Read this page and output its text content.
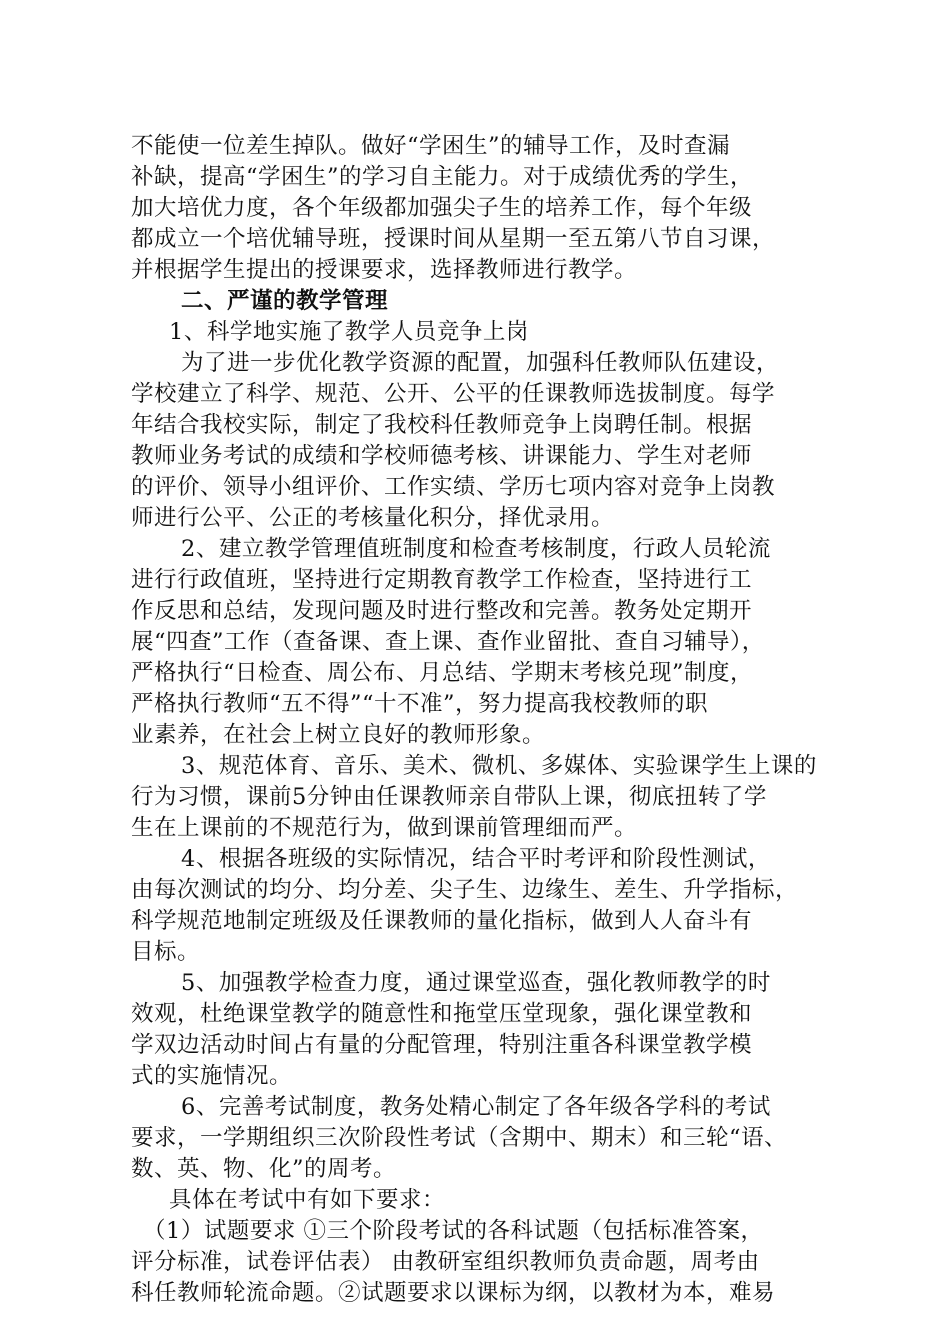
不能使一位差生掉队。做好“学困生”的辅导工作，及时查漏
补缺，提高“学困生”的学习自主能力。对于成绩优秀的学生，
加大培优力度，各个年级都加强尖子生的培养工作，每个年级
都成立一个培优辅导班，授课时间从星期一至五第八节自习课，
并根据学生提出的授课要求，选择教师进行教学。
二、严谨的教学管理
1、科学地实施了教学人员竞争上岗
为了进一步优化教学资源的配置，加强科任教师队伍建设，
学校建立了科学、规范、公开、公平的任课教师选拔制度。每学
年结合我校实际，制定了我校科任教师竞争上岗聘任制。根据
教师业务考试的成绩和学校师德考核、讲课能力、学生对老师
的评价、领导小组评价、工作实绩、学历七项内容对竞争上岗教
师进行公平、公正的考核量化积分，择优录用。
2、建立教学管理值班制度和检查考核制度，行政人员轮流
进行行政值班，坚持进行定期教育教学工作检查，坚持进行工
作反思和总结，发现问题及时进行整改和完善。教务处定期开
展“四查”工作（查备课、查上课、查作业留批、查自习辅导），
严格执行“日检查、周公布、月总结、学期末考核兑现”制度，
严格执行教师“五不得”“十不准”，努力提高我校教师的职
业素养，在社会上树立良好的教师形象。
3、规范体育、音乐、美术、微机、多媒体、实验课学生上课的
行为习惯，课前5分钟由任课教师亲自带队上课，彻底扭转了学
生在上课前的不规范行为，做到课前管理细而严。
4、根据各班级的实际情况，结合平时考评和阶段性测试，
由每次测试的均分、均分差、尖子生、边缘生、差生、升学指标，
科学规范地制定班级及任课教师的量化指标，做到人人奋斗有
目标。
5、加强教学检查力度，通过课堂巡查，强化教师教学的时
效观，杜绝课堂教学的随意性和拖堂压堂现象，强化课堂教和
学双边活动时间占有量的分配管理，特别注重各科课堂教学模
式的实施情况。
6、完善考试制度，教务处精心制定了各年级各学科的考试
要求，一学期组织三次阶段性考试（含期中、期末）和三轮“语、
数、英、物、化”的周考。
具体在考试中有如下要求：
（1）试题要求 ①三个阶段考试的各科试题（包括标准答案，
评分标准，试卷评估表） 由教研室组织教师负责命题，周考由
科任教师轮流命题。②试题要求以课标为纲，以教材为本，难易
